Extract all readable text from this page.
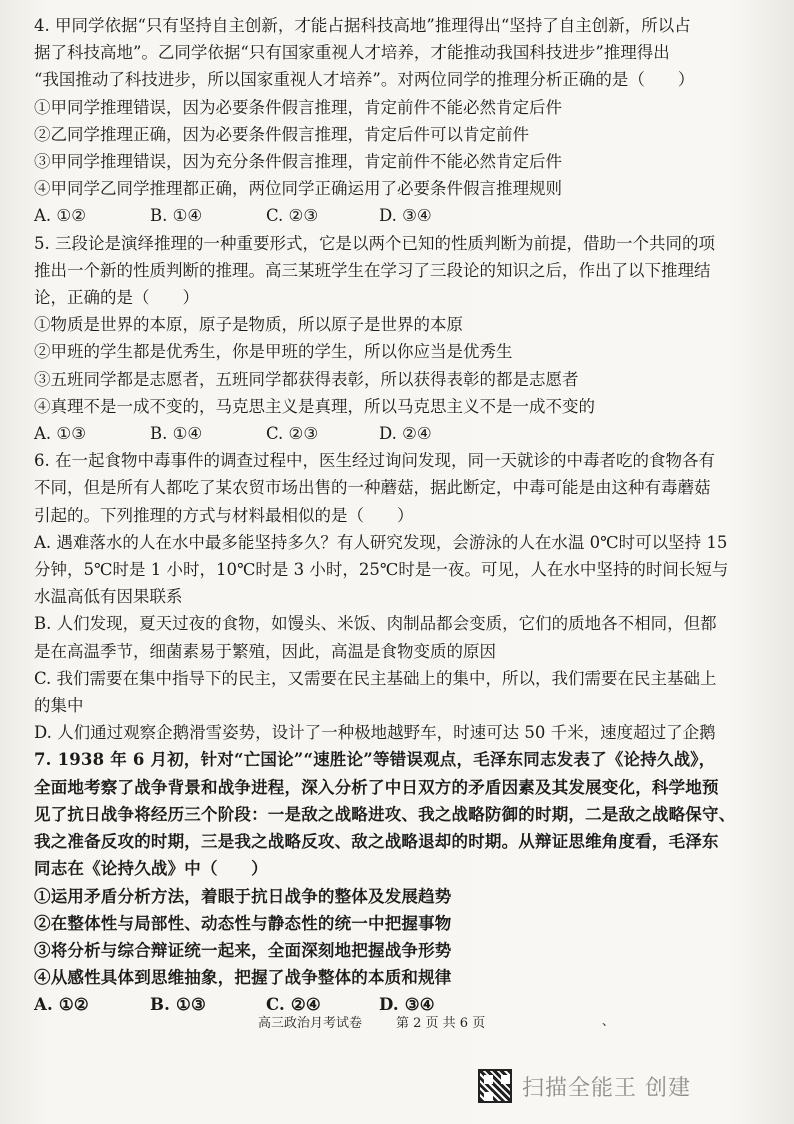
4. 甲同学依据“只有坚持自主创新，才能占据科技高地”推理得出“坚持了自主创新，所以占
据了科技高地”。乙同学依据“只有国家重视人才培养，才能推动我国科技进步”推理得出
“我国推动了科技进步，所以国家重视人才培养”。对两位同学的推理分析正确的是（　　）
①甲同学推理错误，因为必要条件假言推理，肯定前件不能必然肯定后件
②乙同学推理正确，因为必要条件假言推理，肯定后件可以肯定前件
③甲同学推理错误，因为充分条件假言推理，肯定前件不能必然肯定后件
④甲同学乙同学推理都正确，两位同学正确运用了必要条件假言推理规则
A. ①②	B. ①④	C. ②③	D. ③④
5. 三段论是演绎推理的一种重要形式，它是以两个已知的性质判断为前提，借助一个共同的项
推出一个新的性质判断的推理。高三某班学生在学习了三段论的知识之后，作出了以下推理结
论，正确的是（　　）
①物质是世界的本原，原子是物质，所以原子是世界的本原
②甲班的学生都是优秀生，你是甲班的学生，所以你应当是优秀生
③五班同学都是志愿者，五班同学都获得表彰，所以获得表彰的都是志愿者
④真理不是一成不变的，马克思主义是真理，所以马克思主义不是一成不变的
A. ①③	B. ①④	C. ②③	D. ②④
6. 在一起食物中毒事件的调查过程中，医生经过询问发现，同一天就诊的中毒者吃的食物各有
不同，但是所有人都吃了某农贸市场出售的一种蘑菇，据此断定，中毒可能是由这种有毒蘑菇
引起的。下列推理的方式与材料最相似的是（　　）
A. 遇难落水的人在水中最多能坚持多久？有人研究发现，会游泳的人在水温 0℃时可以坚持 15
分钟，5℃时是 1 小时，10℃时是 3 小时，25℃时是一夜。可见，人在水中坚持的时间长短与
水温高低有因果联系
B. 人们发现，夏天过夜的食物，如馒头、米饭、肉制品都会变质，它们的质地各不相同，但都
是在高温季节，细菌素易于繁殖，因此，高温是食物变质的原因
C. 我们需要在集中指导下的民主，又需要在民主基础上的集中，所以，我们需要在民主基础上
的集中
D. 人们通过观察企鹅滑雪姿势，设计了一种极地越野车，时速可达 50 千米，速度超过了企鹅
7. 1938 年 6 月初，针对“亡国论”“速胜论”等错误观点，毛泽东同志发表了《论持久战》，
全面地考察了战争背景和战争进程，深入分析了中日双方的矛盾因素及其发展变化，科学地预
见了抗日战争将经历三个阶段：一是敌之战略进攻、我之战略防御的时期，二是敌之战略保守、
我之准备反攻的时期，三是我之战略反攻、敌之战略退却的时期。从辩证思维角度看，毛泽东
同志在《论持久战》中（　　）
①运用矛盾分析方法，着眼于抗日战争的整体及发展趋势
②在整体性与局部性、动态性与静态性的统一中把握事物
③将分析与综合辩证统一起来，全面深刻地把握战争形势
④从感性具体到思维抽象，把握了战争整体的本质和规律
A. ①②	B. ①③	C. ②④	D. ③④
高三政治月考试卷	第 2 页 共 6 页	、
扫描全能王 创建
